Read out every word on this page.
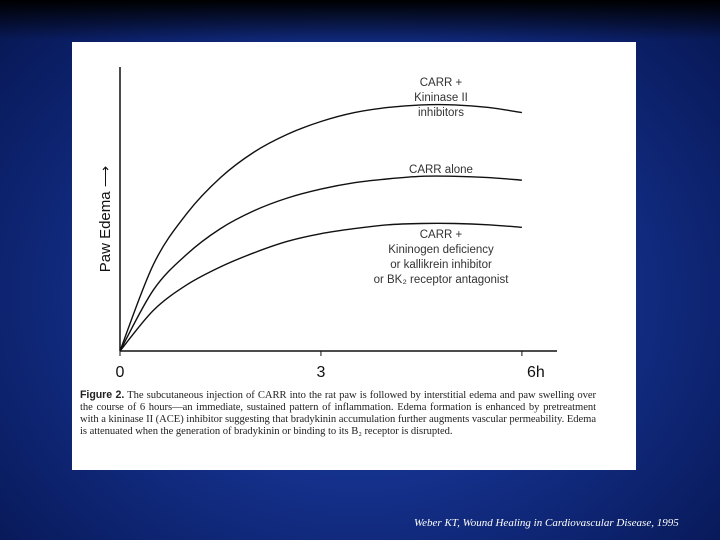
Paw Edema ⟶
0	3	6h
CARR +
Kininase II
inhibitors
CARR alone
CARR +
Kininogen deficiency
or kallikrein inhibitor
or BK₂ receptor antagonist
Figure 2. The subcutaneous injection of CARR into the rat paw is followed by interstitial edema and paw swelling over the course of 6 hours—an immediate, sustained pattern of inflammation. Edema formation is enhanced by pretreatment with a kininase II (ACE) inhibitor suggesting that bradykinin accumulation further augments vascular permeability. Edema is attenuated when the generation of bradykinin or binding to its B₂ receptor is disrupted.
Weber KT, Wound Healing in Cardiovascular Disease, 1995
